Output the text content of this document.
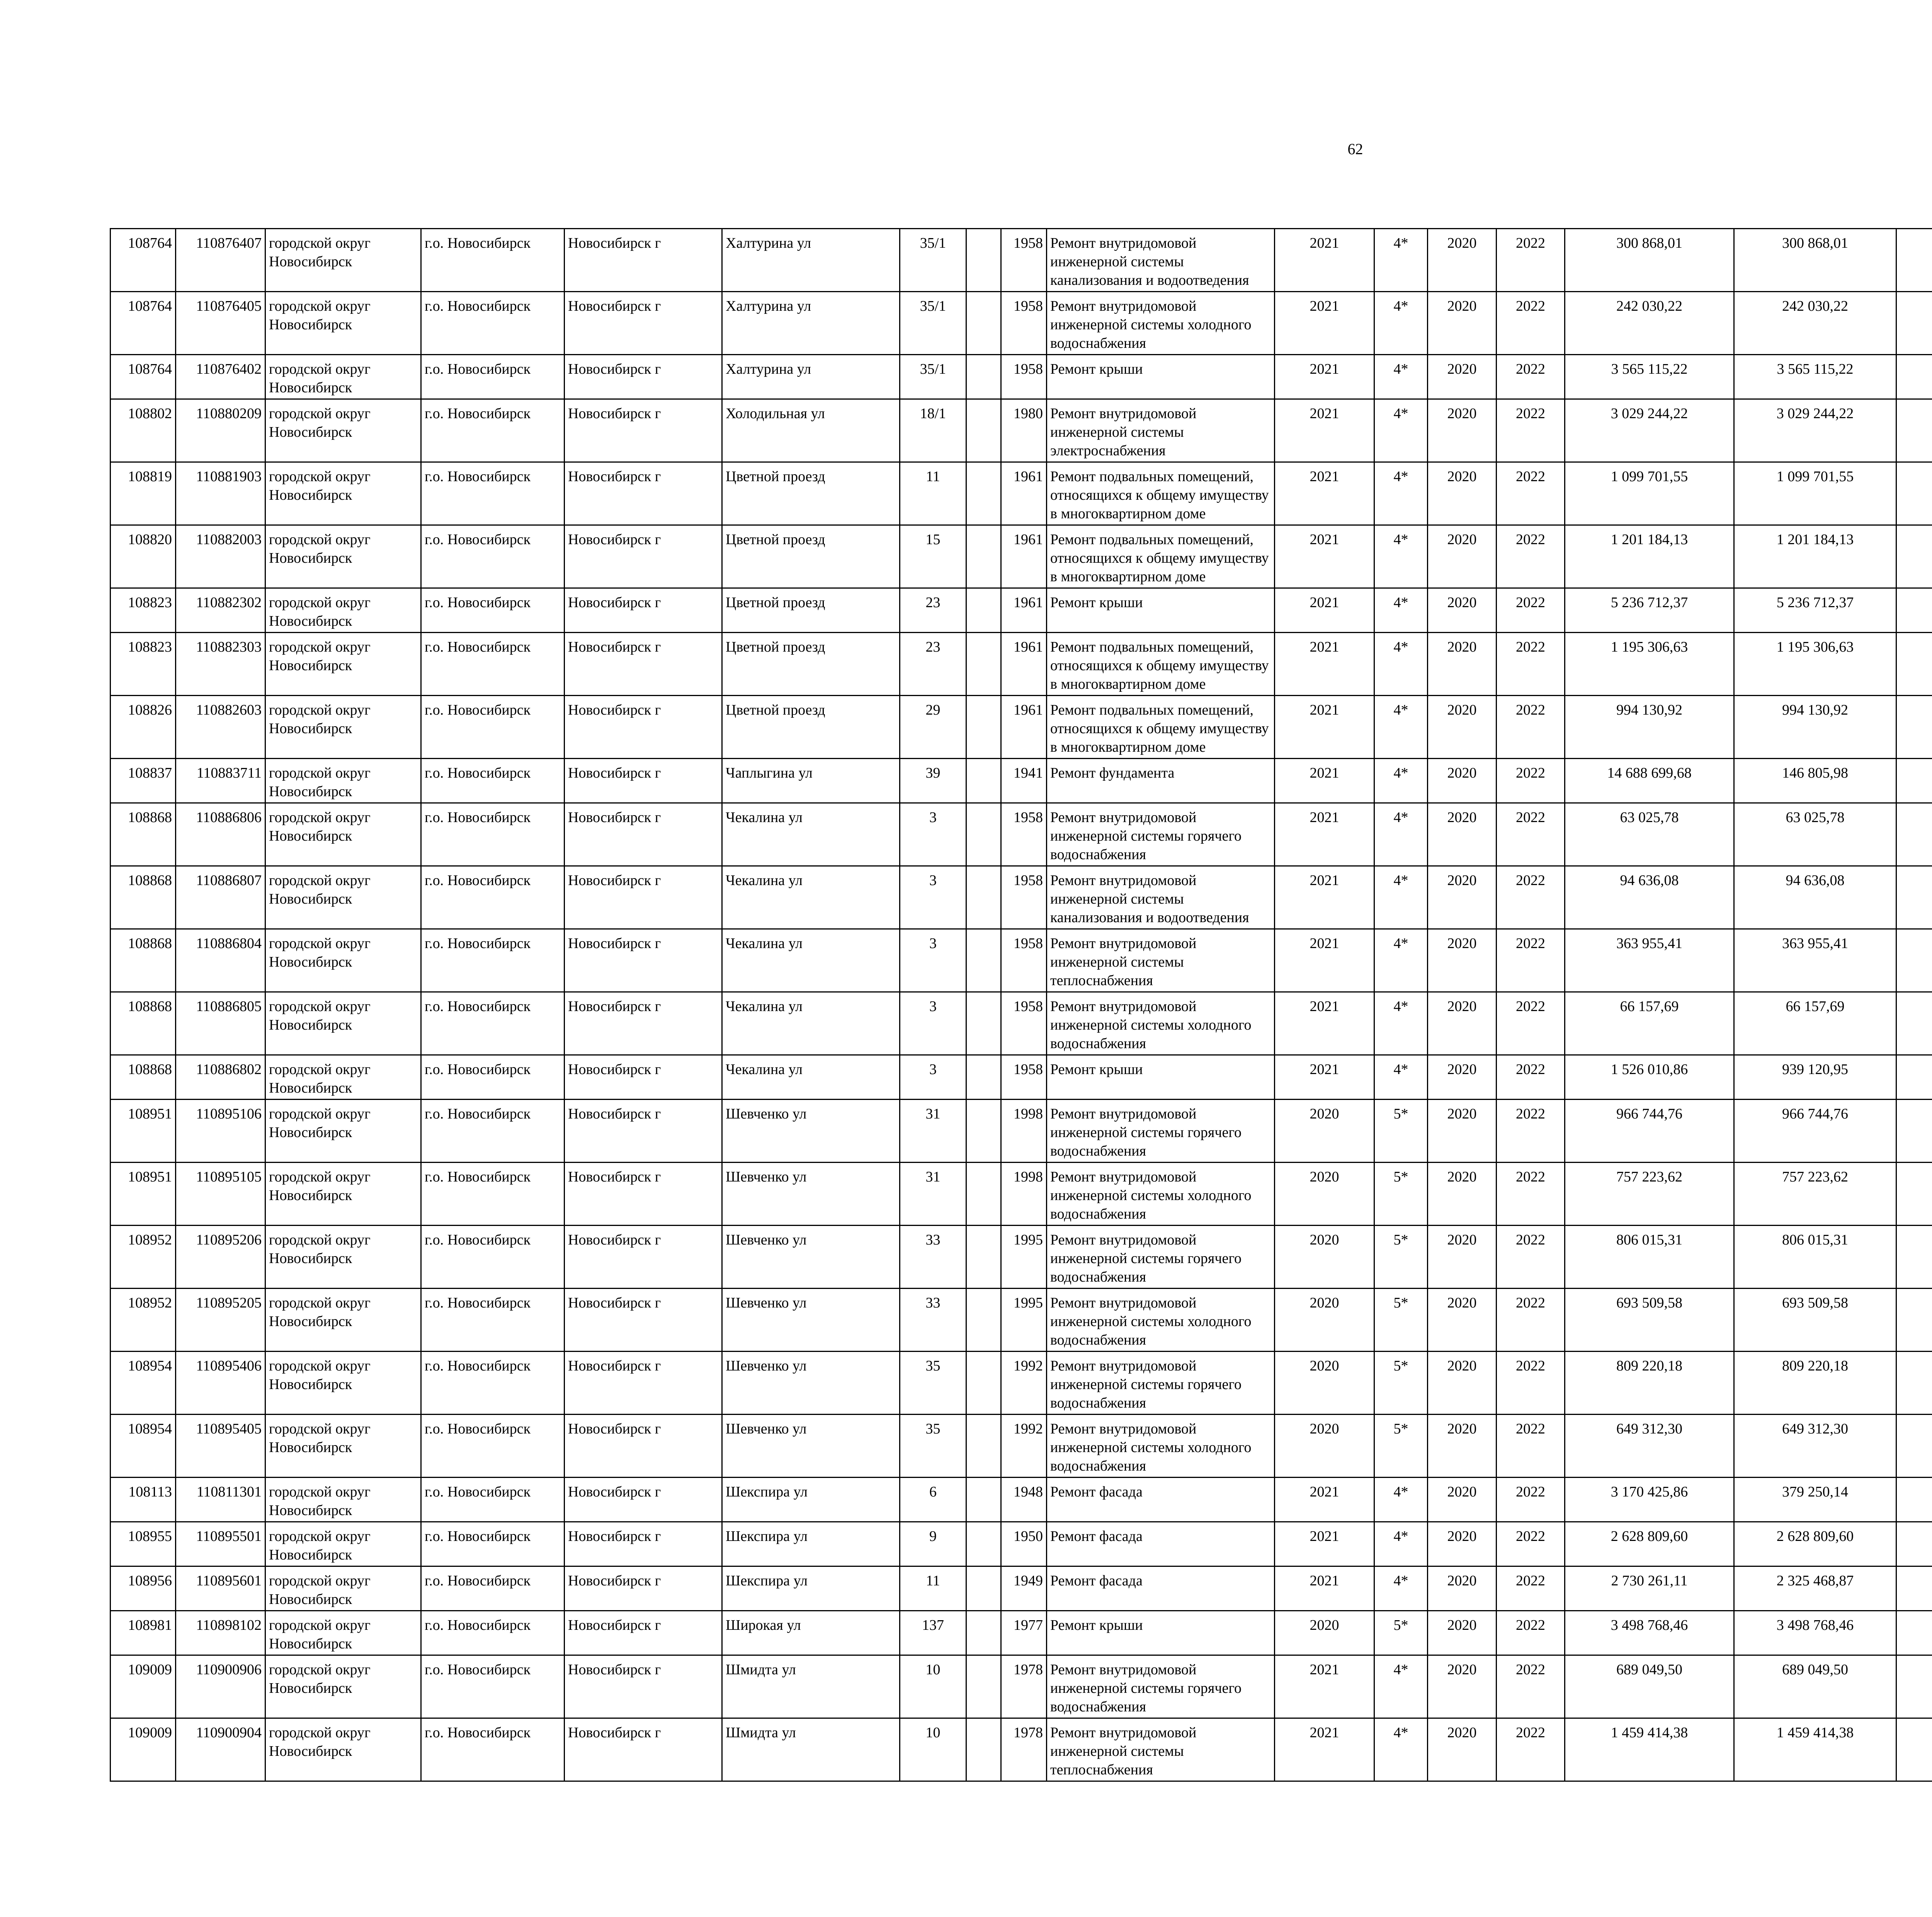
62
108764	110876407	городской округ Новосибирск	г.о. Новосибирск	Новосибирск г	Халтурина ул	35/1		1958	Ремонт внутридомовой инженерной системы канализования и водоотведения	2021	4*	2020	2022	300 868,01	300 868,01						
108764	110876405	городской округ Новосибирск	г.о. Новосибирск	Новосибирск г	Халтурина ул	35/1		1958	Ремонт внутридомовой инженерной системы холодного водоснабжения	2021	4*	2020	2022	242 030,22	242 030,22						
108764	110876402	городской округ Новосибирск	г.о. Новосибирск	Новосибирск г	Халтурина ул	35/1		1958	Ремонт крыши	2021	4*	2020	2022	3 565 115,22	3 565 115,22						
108802	110880209	городской округ Новосибирск	г.о. Новосибирск	Новосибирск г	Холодильная ул	18/1		1980	Ремонт внутридомовой инженерной системы электроснабжения	2021	4*	2020	2022	3 029 244,22	3 029 244,22						
108819	110881903	городской округ Новосибирск	г.о. Новосибирск	Новосибирск г	Цветной проезд	11		1961	Ремонт подвальных помещений, относящихся к общему имуществу в многоквартирном доме	2021	4*	2020	2022	1 099 701,55	1 099 701,55						
108820	110882003	городской округ Новосибирск	г.о. Новосибирск	Новосибирск г	Цветной проезд	15		1961	Ремонт подвальных помещений, относящихся к общему имуществу в многоквартирном доме	2021	4*	2020	2022	1 201 184,13	1 201 184,13						
108823	110882302	городской округ Новосибирск	г.о. Новосибирск	Новосибирск г	Цветной проезд	23		1961	Ремонт крыши	2021	4*	2020	2022	5 236 712,37	5 236 712,37						
108823	110882303	городской округ Новосибирск	г.о. Новосибирск	Новосибирск г	Цветной проезд	23		1961	Ремонт подвальных помещений, относящихся к общему имуществу в многоквартирном доме	2021	4*	2020	2022	1 195 306,63	1 195 306,63						
108826	110882603	городской округ Новосибирск	г.о. Новосибирск	Новосибирск г	Цветной проезд	29		1961	Ремонт подвальных помещений, относящихся к общему имуществу в многоквартирном доме	2021	4*	2020	2022	994 130,92	994 130,92						
108837	110883711	городской округ Новосибирск	г.о. Новосибирск	Новосибирск г	Чаплыгина ул	39		1941	Ремонт фундамента	2021	4*	2020	2022	14 688 699,68	146 805,98						
108868	110886806	городской округ Новосибирск	г.о. Новосибирск	Новосибирск г	Чекалина ул	3		1958	Ремонт внутридомовой инженерной системы горячего водоснабжения	2021	4*	2020	2022	63 025,78	63 025,78						
108868	110886807	городской округ Новосибирск	г.о. Новосибирск	Новосибирск г	Чекалина ул	3		1958	Ремонт внутридомовой инженерной системы канализования и водоотведения	2021	4*	2020	2022	94 636,08	94 636,08						
108868	110886804	городской округ Новосибирск	г.о. Новосибирск	Новосибирск г	Чекалина ул	3		1958	Ремонт внутридомовой инженерной системы теплоснабжения	2021	4*	2020	2022	363 955,41	363 955,41						
108868	110886805	городской округ Новосибирск	г.о. Новосибирск	Новосибирск г	Чекалина ул	3		1958	Ремонт внутридомовой инженерной системы холодного водоснабжения	2021	4*	2020	2022	66 157,69	66 157,69						
108868	110886802	городской округ Новосибирск	г.о. Новосибирск	Новосибирск г	Чекалина ул	3		1958	Ремонт крыши	2021	4*	2020	2022	1 526 010,86	939 120,95						
108951	110895106	городской округ Новосибирск	г.о. Новосибирск	Новосибирск г	Шевченко ул	31		1998	Ремонт внутридомовой инженерной системы горячего водоснабжения	2020	5*	2020	2022	966 744,76	966 744,76						
108951	110895105	городской округ Новосибирск	г.о. Новосибирск	Новосибирск г	Шевченко ул	31		1998	Ремонт внутридомовой инженерной системы холодного водоснабжения	2020	5*	2020	2022	757 223,62	757 223,62						
108952	110895206	городской округ Новосибирск	г.о. Новосибирск	Новосибирск г	Шевченко ул	33		1995	Ремонт внутридомовой инженерной системы горячего водоснабжения	2020	5*	2020	2022	806 015,31	806 015,31						
108952	110895205	городской округ Новосибирск	г.о. Новосибирск	Новосибирск г	Шевченко ул	33		1995	Ремонт внутридомовой инженерной системы холодного водоснабжения	2020	5*	2020	2022	693 509,58	693 509,58						
108954	110895406	городской округ Новосибирск	г.о. Новосибирск	Новосибирск г	Шевченко ул	35		1992	Ремонт внутридомовой инженерной системы горячего водоснабжения	2020	5*	2020	2022	809 220,18	809 220,18						
108954	110895405	городской округ Новосибирск	г.о. Новосибирск	Новосибирск г	Шевченко ул	35		1992	Ремонт внутридомовой инженерной системы холодного водоснабжения	2020	5*	2020	2022	649 312,30	649 312,30						
108113	110811301	городской округ Новосибирск	г.о. Новосибирск	Новосибирск г	Шекспира ул	6		1948	Ремонт фасада	2021	4*	2020	2022	3 170 425,86	379 250,14						
108955	110895501	городской округ Новосибирск	г.о. Новосибирск	Новосибирск г	Шекспира ул	9		1950	Ремонт фасада	2021	4*	2020	2022	2 628 809,60	2 628 809,60						
108956	110895601	городской округ Новосибирск	г.о. Новосибирск	Новосибирск г	Шекспира ул	11		1949	Ремонт фасада	2021	4*	2020	2022	2 730 261,11	2 325 468,87						
108981	110898102	городской округ Новосибирск	г.о. Новосибирск	Новосибирск г	Широкая ул	137		1977	Ремонт крыши	2020	5*	2020	2022	3 498 768,46	3 498 768,46						
109009	110900906	городской округ Новосибирск	г.о. Новосибирск	Новосибирск г	Шмидта ул	10		1978	Ремонт внутридомовой инженерной системы горячего водоснабжения	2021	4*	2020	2022	689 049,50	689 049,50						
109009	110900904	городской округ Новосибирск	г.о. Новосибирск	Новосибирск г	Шмидта ул	10		1978	Ремонт внутридомовой инженерной системы теплоснабжения	2021	4*	2020	2022	1 459 414,38	1 459 414,38						
